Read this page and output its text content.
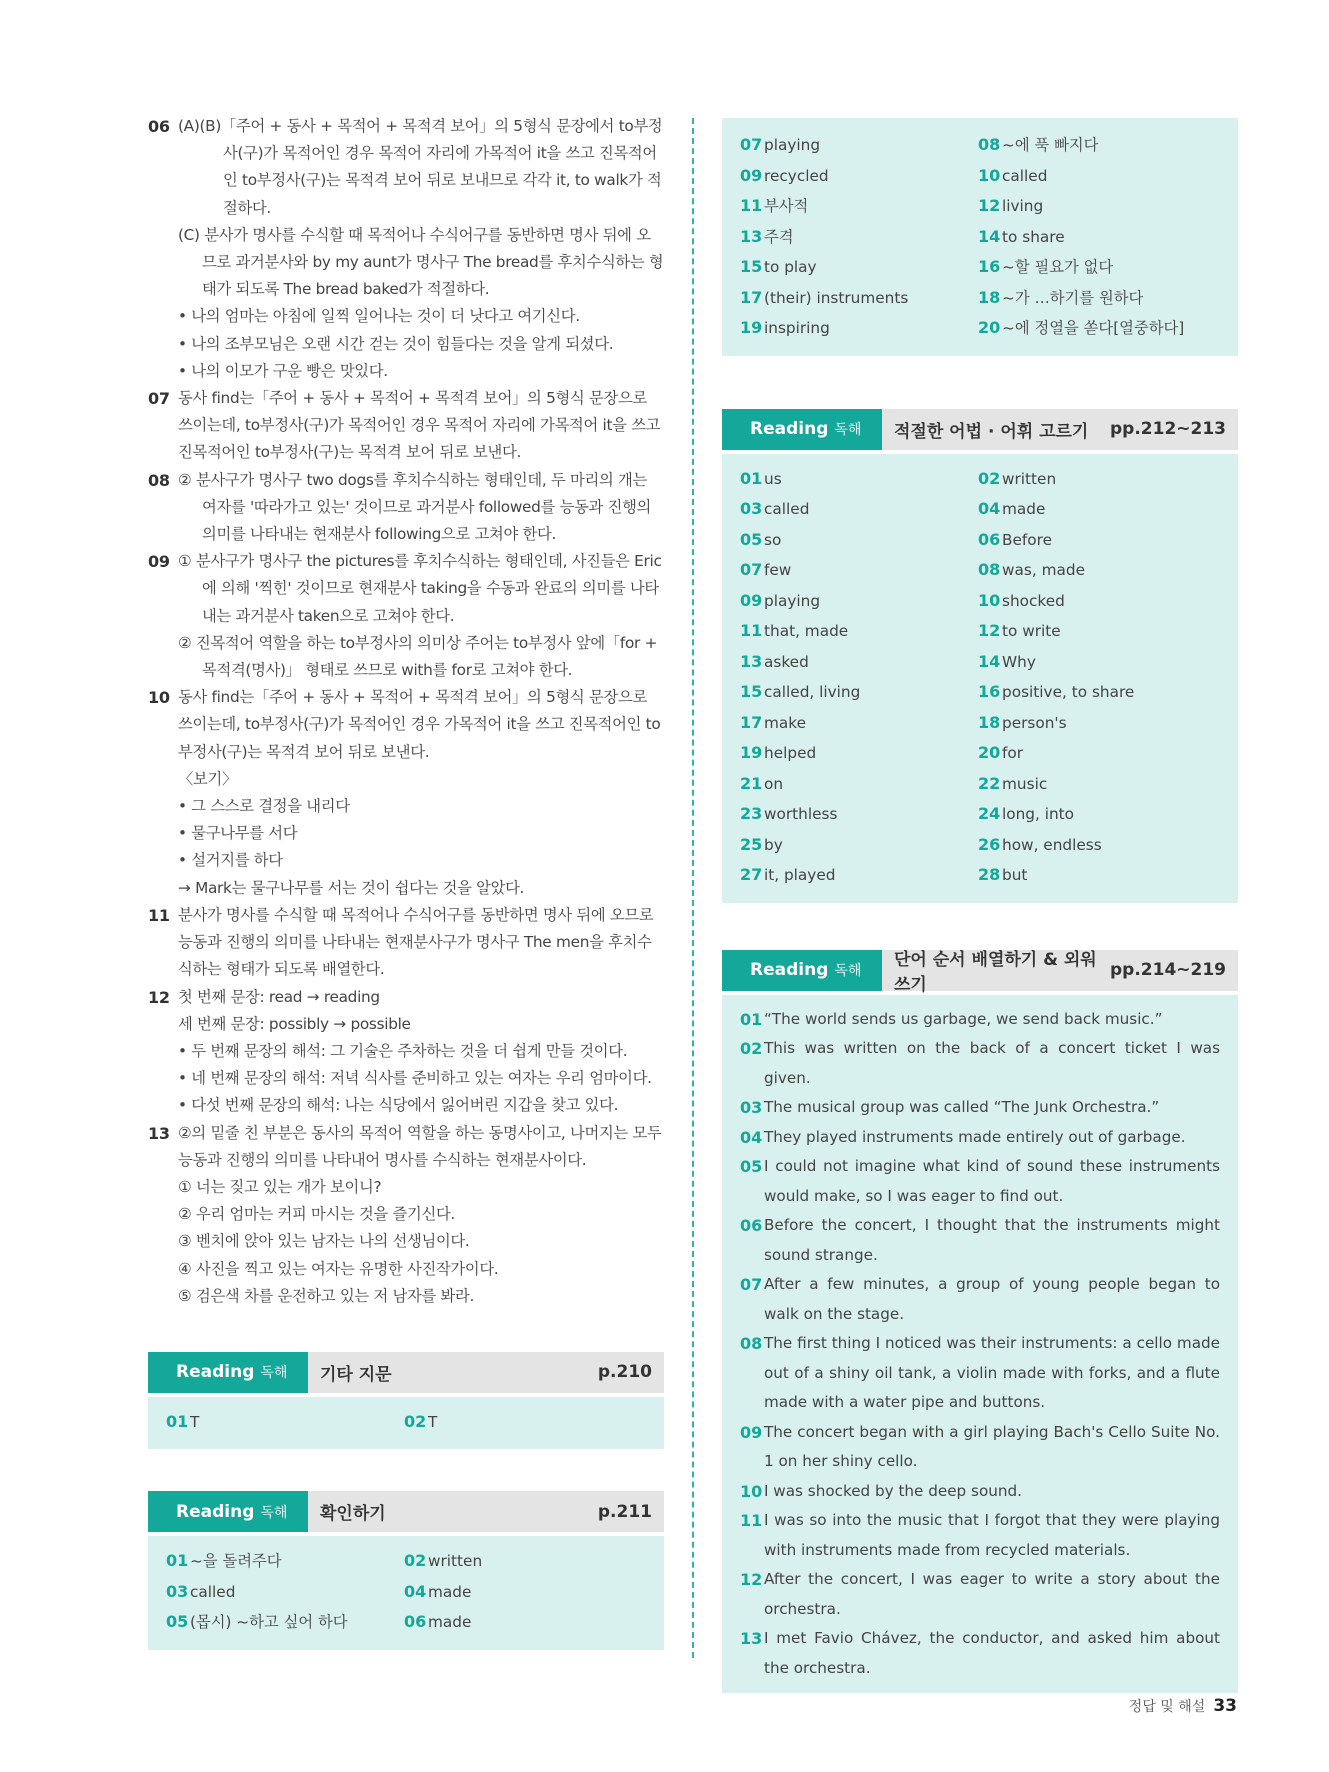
06 (A)(B)「주어 + 동사 + 목적어 + 목적격 보어」의 5형식 문장에서 to부정사(구)가 목적어인 경우 목적어 자리에 가목적어 it을 쓰고 진목적어인 to부정사(구)는 목적격 보어 뒤로 보내므로 각각 it, to walk가 적절하다.
(C) 분사가 명사를 수식할 때 목적어나 수식어구를 동반하면 명사 뒤에 오므로 과거분사와 by my aunt가 명사구 The bread를 후치수식하는 형태가 되도록 The bread baked가 적절하다.
• 나의 엄마는 아침에 일찍 일어나는 것이 더 낫다고 여기신다.
• 나의 조부모님은 오랜 시간 걷는 것이 힘들다는 것을 알게 되셨다.
• 나의 이모가 구운 빵은 맛있다.
07 동사 find는「주어 + 동사 + 목적어 + 목적격 보어」의 5형식 문장으로 쓰이는데, to부정사(구)가 목적어인 경우 목적어 자리에 가목적어 it을 쓰고 진목적어인 to부정사(구)는 목적격 보어 뒤로 보낸다.
08 ② 분사구가 명사구 two dogs를 후치수식하는 형태인데, 두 마리의 개는 여자를 '따라가고 있는' 것이므로 과거분사 followed를 능동과 진행의 의미를 나타내는 현재분사 following으로 고쳐야 한다.
09 ① 분사구가 명사구 the pictures를 후치수식하는 형태인데, 사진들은 Eric에 의해 '찍힌' 것이므로 현재분사 taking을 수동과 완료의 의미를 나타내는 과거분사 taken으로 고쳐야 한다.
② 진목적어 역할을 하는 to부정사의 의미상 주어는 to부정사 앞에「for + 목적격(명사)」 형태로 쓰므로 with를 for로 고쳐야 한다.
10 동사 find는「주어 + 동사 + 목적어 + 목적격 보어」의 5형식 문장으로 쓰이는데, to부정사(구)가 목적어인 경우 가목적어 it을 쓰고 진목적어인 to부정사(구)는 목적격 보어 뒤로 보낸다.
〈보기〉
• 그 스스로 결정을 내리다
• 물구나무를 서다
• 설거지를 하다
→ Mark는 물구나무를 서는 것이 쉽다는 것을 알았다.
11 분사가 명사를 수식할 때 목적어나 수식어구를 동반하면 명사 뒤에 오므로 능동과 진행의 의미를 나타내는 현재분사구가 명사구 The men을 후치수식하는 형태가 되도록 배열한다.
12 첫 번째 문장: read → reading
세 번째 문장: possibly → possible
• 두 번째 문장의 해석: 그 기술은 주차하는 것을 더 쉽게 만들 것이다.
• 네 번째 문장의 해석: 저녁 식사를 준비하고 있는 여자는 우리 엄마이다.
• 다섯 번째 문장의 해석: 나는 식당에서 잃어버린 지갑을 찾고 있다.
13 ②의 밑줄 친 부분은 동사의 목적어 역할을 하는 동명사이고, 나머지는 모두 능동과 진행의 의미를 나타내어 명사를 수식하는 현재분사이다.
① 너는 짖고 있는 개가 보이니?
② 우리 엄마는 커피 마시는 것을 즐기신다.
③ 벤치에 앉아 있는 남자는 나의 선생님이다.
④ 사진을 찍고 있는 여자는 유명한 사진작가이다.
⑤ 검은색 차를 운전하고 있는 저 남자를 봐라.
Reading 독해 기타 지문	p.210
01 T	02 T
Reading 독해 확인하기	p.211
01 ~을 돌려주다	02 written
03 called	04 made
05 (몹시) ~하고 싶어 하다	06 made
07 playing	08 ~에 푹 빠지다
09 recycled	10 called
11 부사적	12 living
13 주격	14 to share
15 to play	16 ~할 필요가 없다
17 (their) instruments	18 ~가 …하기를 원하다
19 inspiring	20 ~에 정열을 쏟다[열중하다]
Reading 독해 적절한 어법 · 어휘 고르기 pp.212~213
01 us	02 written
03 called	04 made
05 so	06 Before
07 few	08 was, made
09 playing	10 shocked
11 that, made	12 to write
13 asked	14 Why
15 called, living	16 positive, to share
17 make	18 person's
19 helped	20 for
21 on	22 music
23 worthless	24 long, into
25 by	26 how, endless
27 it, played	28 but
Reading 독해
단어 순서 배열하기 & 외워 쓰기
pp.214~219
01 “The world sends us garbage, we send back music.”
02 This was written on the back of a concert ticket I was given.
03 The musical group was called “The Junk Orchestra.”
04 They played instruments made entirely out of garbage.
05 I could not imagine what kind of sound these instruments would make, so I was eager to find out.
06 Before the concert, I thought that the instruments might sound strange.
07 After a few minutes, a group of young people began to walk on the stage.
08 The first thing I noticed was their instruments: a cello made out of a shiny oil tank, a violin made with forks, and a flute made with a water pipe and buttons.
09 The concert began with a girl playing Bach's Cello Suite No. 1 on her shiny cello.
10 I was shocked by the deep sound.
11 I was so into the music that I forgot that they were playing with instruments made from recycled materials.
12 After the concert, I was eager to write a story about the orchestra.
13 I met Favio Chávez, the conductor, and asked him about the orchestra.
정답 및 해설 33
